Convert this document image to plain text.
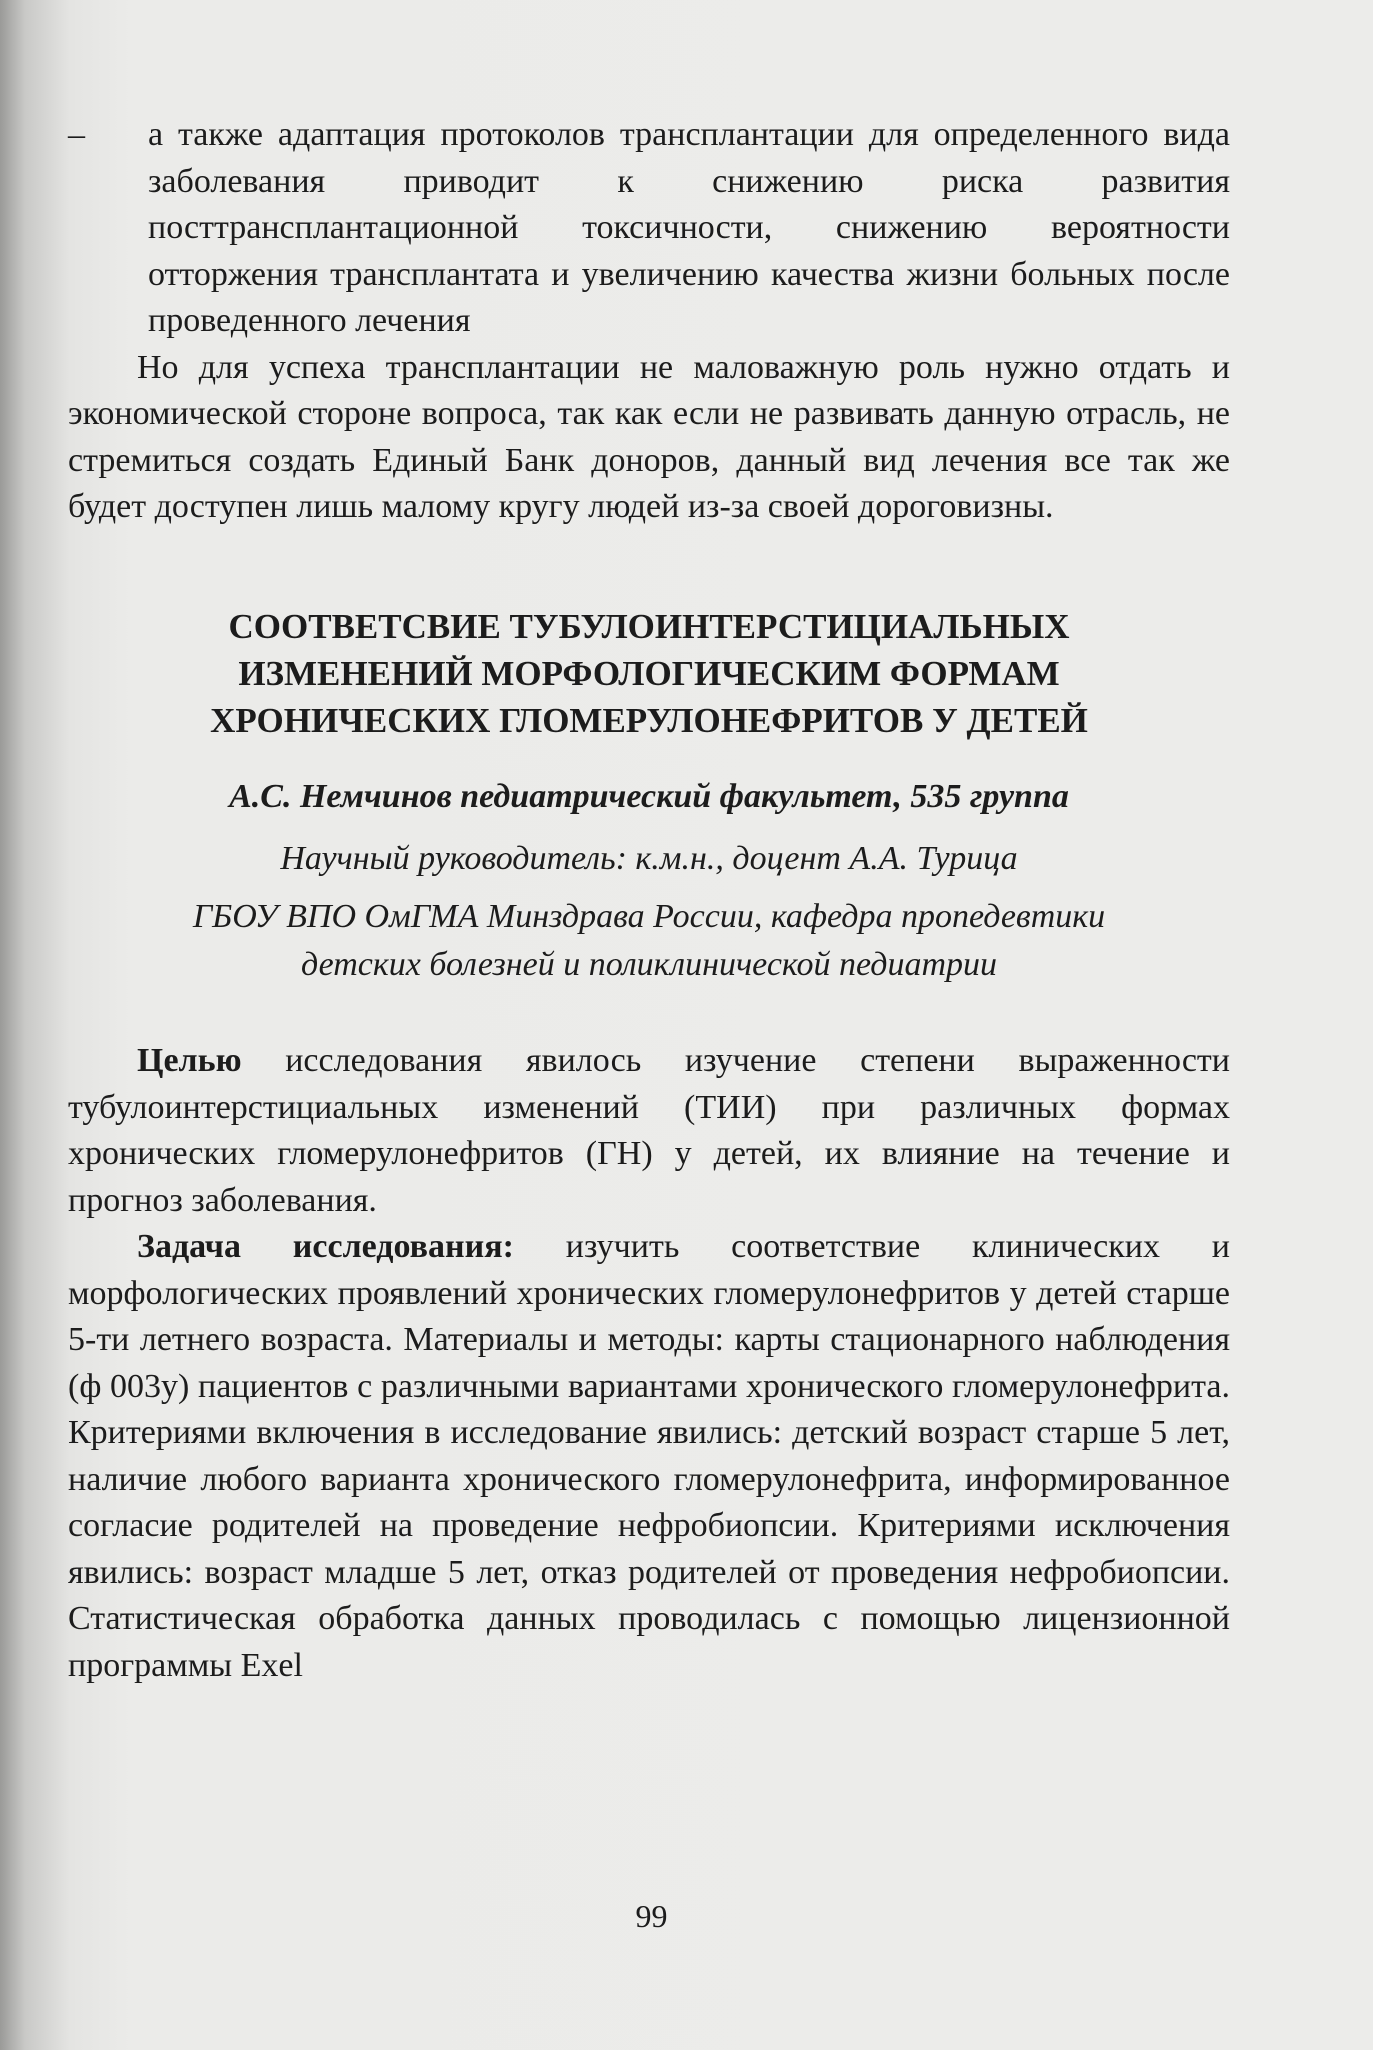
–	а также адаптация протоколов трансплантации для определенного вида заболевания приводит к снижению риска развития посттрансплантационной токсичности, снижению вероятности отторжения трансплантата и увеличению качества жизни больных после проведенного лечения

Но для успеха трансплантации не маловажную роль нужно отдать и экономической стороне вопроса, так как если не развивать данную отрасль, не стремиться создать Единый Банк доноров, данный вид лечения все так же будет доступен лишь малому кругу людей из-за своей дороговизны.

СООТВЕТСВИЕ ТУБУЛОИНТЕРСТИЦИАЛЬНЫХ
ИЗМЕНЕНИЙ МОРФОЛОГИЧЕСКИМ ФОРМАМ
ХРОНИЧЕСКИХ ГЛОМЕРУЛОНЕФРИТОВ У ДЕТЕЙ
А.С. Немчинов педиатрический факультет, 535 группа
Научный руководитель: к.м.н., доцент А.А. Турица
ГБОУ ВПО ОмГМА Минздрава России, кафедра пропедевтики
детских болезней и поликлинической педиатрии

Целью исследования явилось изучение степени выраженности тубулоинтерстициальных изменений (ТИИ) при различных формах хронических гломерулонефритов (ГН) у детей, их влияние на течение и прогноз заболевания.

Задача исследования: изучить соответствие клинических и морфологических проявлений хронических гломерулонефритов у детей старше 5-ти летнего возраста. Материалы и методы: карты стационарного наблюдения (ф 003у) пациентов с различными вариантами хронического гломерулонефрита. Критериями включения в исследование явились: детский возраст старше 5 лет, наличие любого варианта хронического гломерулонефрита, информированное согласие родителей на проведение нефробиопсии. Критериями исключения явились: возраст младше 5 лет, отказ родителей от проведения нефробиопсии. Статистическая обработка данных проводилась с помощью лицензионной программы Exel

99
